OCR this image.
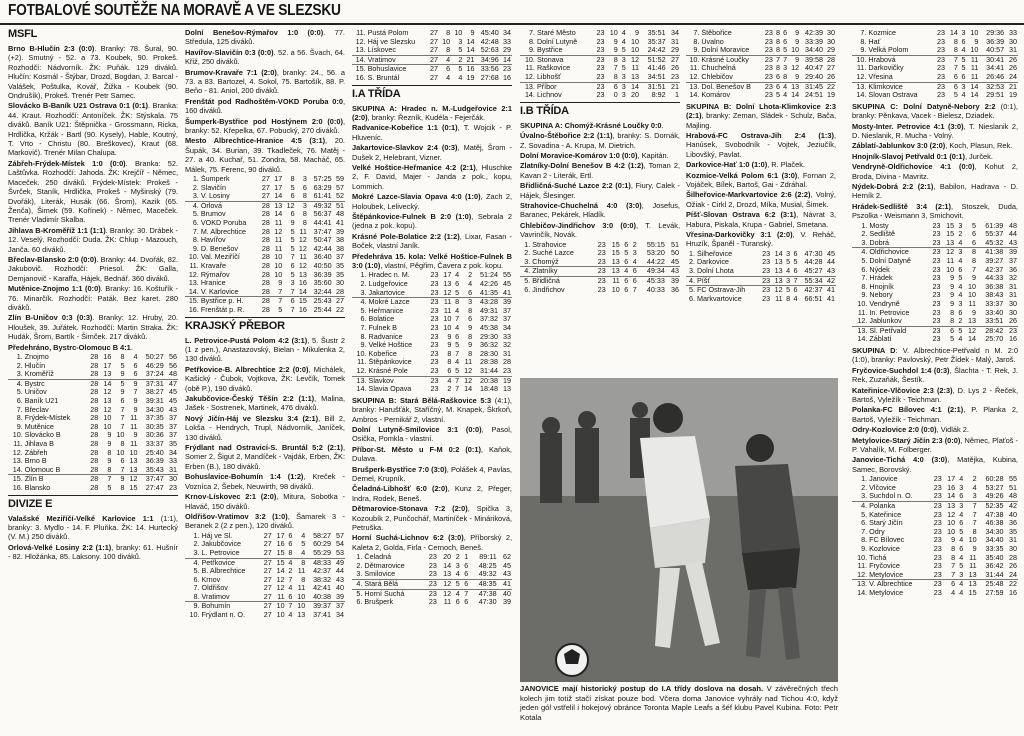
FOTBALOVÉ SOUTĚŽE NA MORAVĚ A VE SLEZSKU
MSFL

Brno B-Hlučín 2:3 (0:0). Branky: 78. Šural, 90.(+2). Smutný - 52. a 73. Koubek, 90. Prokeš. Rozhodčí: Nádvorník. ŽK: Puňák. 129 diváků. Hlučín: Kosmál - Štýbar, Drozd, Bogdan, J. Barcal - Valášek, Poštulka, Kovář, Žižka - Koubek (90. Ondrušík), Prokeš. Trenér Petr Samec.

Slovácko B-Baník U21 Ostrava 0:1 (0:1). Branka: 44. Kraut. Rozhodčí: Antoníček. ŽK: Stýskala. 75 diváků. Baník U21: Štěpnička - Grossmann, Ricka, Hrdlička, Kržák - Bartl (90. Kysely), Hable, Koutný, T. Vrto - Christu (80. Breškovec), Kraut (68. Markovič). Trenér Milan Chalupa.

Zábřeh-Frýdek-Místek 1:0 (0:0). Branka: 52. Laštůvka. Rozhodčí: Jahoda. ŽK: Krejčíř - Němec, Maceček. 250 diváků. Frýdek-Místek: Prokeš - Švrček, Staník, Hrdlička, Prokeš - Myšinský (79. Dvořák), Literák, Husák (66. Šrom), Kazik (65. Ženča), Šimek (59. Kořínek) - Němec, Maceček. Trenér Vladimír Skalba.

Jihlava B-Kroměříž 1:1 (1:1). Branky: 30. Drábek - 12. Veselý. Rozhodčí: Duda. ŽK: Chlup - Mazouch, Janča. 60 diváků.

Břeclav-Blansko 2:0 (0:0). Branky: 44. Dvořák, 82. Jakubovič. Rozhodčí: Priesol. ŽK: Galla, Demjanovič - Karaffa, Hájek, Bednář. 360 diváků.

Mutěnice-Znojmo 1:1 (0:0). Branky: 16. Koštuřík - 76. Minarčík. Rozhodčí: Paták. Bez karet. 280 diváků.

Zlín B-Uničov 0:3 (0:3). Branky: 12. Hruby, 20. Hloušek, 39. Juřátek. Rozhodčí: Martin Straka. ŽK: Hudák, Šrom, Bartík - Šimček. 217 diváků.

Předehráno, Bystrc-Olomouc B 4:1.

1.	Znojmo	28	16	8	4	50:27	56
2.	Hlučín	28	17	5	6	46:29	56
3.	Kroměříž	28	13	9	6	37:24	48
4.	Bystrc	28	14	5	9	37:31	47
5.	Uničov	28	12	9	7	38:27	45
6.	Baník U21	28	13	6	9	39:31	45
7.	Břeclav	28	12	7	9	34:30	43
8.	Frýdek-Místek	28	10	7	11	37:35	37
9.	Mutěnice	28	10	7	11	30:35	37
10.	Slovácko B	28	9	10	9	30:36	37
11.	Jihlava B	28	9	8	11	33:37	35
12.	Zábřeh	28	8	10	10	25:40	34
13.	Brno B	28	9	6	13	36:39	33
14.	Olomouc B	28	8	7	13	35:43	31
15.	Zlín B	28	7	9	12	37:47	30
16.	Blansko	28	5	8	15	27:47	23
DIVIZE E

Valašské Meziříčí-Velké Karlovice 1:1 (1:1), branky: 3. Mydlo - 14. F. Pluňka. ŽK: 14. Hurtecký (V. M.) 250 diváků.

Orlová-Velké Losiny 2:2 (1:1), branky: 61. Hušnír - 82. Hložánka, 85. Laksony. 100 diváků.

Dolní Benešov-Rýmařov 1:0 (0:0). 77. Středula, 125 diváků.

Havířov-Slavičín 0:3 (0:0). 52. a 56. Švach, 64. Křiž, 250 diváků.

Brumov-Kravaře 7:1 (2:0), branky: 24., 56. a 73. a 83. Bartozel, 4. Sokol, 75. Bartošík, 88. P. Beňo - 81. Aniol, 200 diváků.

Frenštát pod Radhoštěm-VOKD Poruba 0:0, 160 diváků.

Šumperk-Bystřice pod Hostýnem 2:0 (0:0), branky: 52. Křepelka, 67. Pobucký, 270 diváků.

Mesto Albrechtice-Hranice 4:5 (3:1), 20. Šupák, 34. Burian, 39. Tkadleček, 76. Matěj - 27. a 40. Kuchař, 51. Zondra, 58. Macháč, 65. Málek, 75. Ferenc, 90 diváků.

1.	Šumperk	27	17	8	3	57:25	59
2.	Slavičín	27	17	5	6	63:29	57
3.	V. Losiny	27	14	6	8	61:41	52
4.	Orlová	28	13	12	3	49:32	51
5.	Brumov	28	14	6	8	56:37	48
6.	VOKD Poruba	28	11	9	8	44:41	41
7.	M. Albrechtice	28	12	5	11	37:47	39
8.	Havířov	28	11	5	12	50:47	38
9.	D. Benešov	28	11	5	12	42:44	38
10.	Val. Meziříčí	28	10	7	11	36:40	37
11.	Kravaře	28	10	6	12	40:50	35
12.	Rýmařov	28	10	5	13	36:39	35
13.	Hranice	28	9	3	16	35:60	30
14.	V. Karlovice	28	7	7	14	32:44	28
15.	Bystřice p. H.	28	7	6	15	25:43	27
16.	Frenštát p. R.	28	5	7	16	25:44	22
KRAJSKÝ PŘEBOR

L. Petrovice-Pustá Polom 4:2 (3:1), 5. Šustr 2 (1 z pen.), Anastazovský, Bielan - Mikulenka 2, 130 diváků.

Petřkovice-B. Albrechtice 2:2 (0:0), Michálek, Kašický - Čubok, Vojtkova, ŽK: Levčík, Tomek (obě P.), 190 diváků.

Jakubčovice-Český Těšín 2:2 (1:1), Malina, Jašek - Sostrenek, Martinek, 476 diváků.

Nový Jičín-Háj ve Slezsku 3:4 (2:1), Bill 2, Lokša - Hendrych, Trupl, Nádvorník, Janíček, 130 diváků.

Frýdlant nad Ostravicí-S. Bruntál 5:2 (2:1), Somer 2, Šigut 2, Mandíček - Vajdák, Erben, ŽK: Erben (B.), 180 diváků.

Bohuslavice-Bohumín 1:4 (1:2), Kreček - Vozníca 2, Šebek, Neuwirth, 98 diváků.

Krnov-Lískovec 2:1 (2:0), Mitura, Sobotka - Hlaváč, 150 diváků.

Oldřišov-Vratimov 3:2 (1:0), Šamarek 3 - Beranek 2 (2 z pen.), 120 diváků.

1.	Háj ve Sl.	27	17	6	4	58:27	57
2.	Jakubčovice	27	16	6	5	60:29	54
3.	L. Petrovice	27	15	8	4	55:29	53
4.	Petřkovice	27	15	4	8	48:33	49
5.	B. Albrechtice	27	14	2	11	42:37	44
6.	Krnov	27	12	7	8	38:32	43
7.	Oldřišov	27	12	4	11	42:41	40
8.	Vratimov	27	11	6	10	40:38	39
9.	Bohumín	27	10	7	10	39:37	37
10.	Frýdlant n. O.	27	10	4	13	37:41	34
11.	Pustá Polom	27	8	10	9	45:40	34
12.	Háj ve Slezsku	27	10	3	14	42:48	33
13.	Lískovec	27	8	5	14	52:63	29
14.	Vratimov	27	4	2	21	34:96	14
15.	Bohuslavice	27	6	5	16	33:56	23
16.	S. Bruntál	27	4	4	19	27:68	16
I.A TŘÍDA

SKUPINA A: Hradec n. M.-Ludgeřovice 2:1 (2:0), branky: Řezník, Kudéla - Fejerčák.

Radvanice-Kobeřice 1:1 (0:1), T. Wojcik - P. Hluveníc.

Jakartovice-Slavkov 2:4 (0:3), Matěj, Šrom - Dušek 2, Helebrant, Vizner.

Velké Hoštice-Heřmanice 4:2 (2:1), Hluschke 2, F. David, Majer - Janda z pok., kopu, Lommich.

Mokré Lazce-Slavia Opava 4:0 (1:0), Zach 2, Holoubek, Lelivecký.

Štěpánkovice-Fulnek B 2:0 (1:0), Sebrala 2 (jedna z pok. kopu).

Krásné Pole-Bolatice 2:2 (1:2), Lixar, Fasan - Boček, vlastní Janík.

Předehráva 15. kola: Velké Hoštice-Fulnek B 3:0 (1:0), vlastní, Pěgřim, Čavera z pok. kopu.

1.	Hradec n. M.	23	17	4	2	51:24	55
2.	Ludgeřovice	23	13	6	4	42:26	45
3.	Jakartovice	23	12	5	6	41:35	41
4.	Mokré Lazce	23	11	8	3	43:28	39
5.	Heřmanice	23	11	4	8	49:31	37
6.	Bolatice	23	10	7	6	37:32	37
7.	Fulnek B	23	10	4	9	45:38	34
8.	Radvanice	23	9	6	8	29:30	33
9.	Velké Hoštice	23	9	5	9	36:32	32
10.	Kobeřice	23	8	7	8	28:30	31
11.	Štěpánkovice	23	8	4	11	28:38	28
12.	Krásné Pole	23	6	5	12	31:44	23
13.	Slavkov	23	4	7	12	20:38	19
14.	Slavia Opava	23	2	7	14	18:48	13

SKUPINA B: Stará Bělá-Raškovice 5:3 (4:1), branky: Harušťák, Staříčný, M. Knapek, Škrkoň, Ambros - Pernikář 2, vlastní.

Dolní Lutyně-Smilovice 3:1 (0:0), Pasol, Osička, Pomkla - vlastní.

Příbor-St. Město u F-M 0:2 (0:1), Kaňok, Dulava.

Brušperk-Bystřice 7:0 (3:0), Polášek 4, Pavlas, Dernel, Krupník.

Čeladná-Libhošť 6:0 (2:0), Kunz 2, Přeger, Indra, Rodek, Beneš.

Dětmarovice-Stonava 7:2 (2:0), Spička 3, Kozoubík 2, Punčochář, Martiníček - Mináriková, Petruška.

Horní Suchá-Lichnov 6:2 (3:0), Příborský 2, Kaleta 2, Golda, Firla - Cernoch, Beneš.

1.	Čeladná	23	20	2	1	89:11	62
2.	Dětmarovice	23	14	3	6	48:25	45
3.	Smilovice	23	13	4	6	49:32	43
4.	Stará Bělá	23	12	5	6	48:35	41
5.	Horní Suchá	23	12	4	7	47:38	40
6.	Brušperk	23	11	6	6	47:30	39
7.	Staré Město	23	10	4	9	35:51	34
8.	Dolní Lutyně	23	9	4	10	35:37	31
9.	Bystřice	23	9	5	10	24:42	29
10.	Stonava	23	8	3	12	51:52	27
11.	Raškovice	23	7	5	11	41:46	26
12.	Libhošť	23	8	3	13	34:51	23
13.	Příbor	23	6	3	14	31:51	21
14.	Lichnov	23	0	3	20	8:92	1
I.B TŘÍDA

SKUPINA A: Chomýž-Krásné Loučky 0:0.

Úvalno-Štěbořice 2:2 (1:1), branky: S. Dornák, Z. Sovadina - A. Krupa, M. Dietrich.

Dolní Moravice-Komárov 1:0 (0:0), Kapitán.

Zlatníky-Dolní Benešov B 4:2 (1:2), Toman 2, Kavan 2 - Literák, Ertl.

Břidličná-Suché Lazce 2:2 (0:1), Fiury, Calek - Hájek, Šlesinger.

Strahovice-Chuchelná 4:0 (3:0), Josefus, Baranec, Pekárek, Hladík.

Chlebičov-Jindřichov 3:0 (0:0), T. Levák, Vavrinčík, Novák.

1.	Strahovice	23	15	6	2	55:15	51
2.	Suché Lazce	23	15	5	3	53:20	50
3.	Chomýž	23	13	6	4	44:22	45
4.	Zlatníky	23	13	4	6	49:34	43
5.	Břidličná	23	11	6	6	45:33	39
6.	Jindřichov	23	10	6	7	40:33	36
7.	Štěbořice	23	8	6	9	42:39	30
8.	Úvalno	23	8	6	9	33:39	30
9.	Dolní Moravice	23	8	5	10	34:40	29
10.	Krásné Loučky	23	7	7	9	39:58	28
11.	Chuchelná	23	8	3	12	40:47	27
12.	Chlebičov	23	6	8	9	29:40	26
13.	Dol. Benešov B	23	6	4	13	31:45	22
14.	Komárov	23	5	4	14	24:51	19

SKUPINA B: Dolní Lhota-Klimkovice 2:3 (2:1), branky: Zeman, Sládek - Schulz, Bača, Majling.

Hrabová-FC Ostrava-Jih 2:4 (1:3), Hanúsek, Svobodník - Vojtek, Jeziučík, Libovšký, Pavlat.

Darkovice-Hať 1:0 (1:0), R. Plaček.

Kozmice-Velká Polom 6:1 (3:0), Fornan 2, Vojáček, Bílek, Bartoš, Gai - Zdráhal.

Šilheřovice-Markvartovice 2:6 (2:2), Volný, Ožiak - Cirkl 2, Drozd, Míka, Musial, Šimek.

Píšť-Slovan Ostrava 6:2 (3:1), Návrat 3, Habura, Piskala, Krupa - Gabriel, Smetana.

Vřesina-Darkovičky 3:1 (2:0), V. Reháč, Hruzík, Španěl - Turanský.

1.	Šilheřovice	23	14	3	6	47:30	45
2.	Darkovice	23	13	5	5	44:28	44
3.	Dolní Lhota	23	13	4	6	45:27	43
4.	Píšť	23	13	3	7	55:34	42
5.	FC Ostrava-Jih	23	12	5	6	42:37	41
6.	Markvartovice	23	11	8	4	66:51	41
7.	Kozmice	23	14	3	10	29:36	33
8.	Hať	23	8	6	9	36:39	30
9.	Velká Polom	23	8	4	10	40:57	31
10.	Hrabová	23	7	5	11	30:41	26
11.	Darkovičky	23	7	5	11	34:41	26
12.	Vřesina	23	6	6	11	26:46	24
13.	Klimkovice	23	6	3	14	32:53	21
14.	Slovan Ostrava	23	5	4	14	29:51	19

SKUPINA C: Dolní Datyně-Nebory 2:2 (0:1), branky: Pěnkava, Vacek - Bielesz, Dziadek.

Mosty-Inter. Petrovice 4:1 (3:0), T. Nieslanik 2, D. Nieslanik, R. Mucha - Volný.

Záblatí-Jablunkov 3:0 (2:0), Koch, Plasun, Rek.

Hnojník-Slavoj Petřvald 0:1 (0:1), Jurček.

Vendryně-Oldřichovice 4:1 (0:0), Kohut 2, Broda, Divina - Mavritz.

Nýdek-Dobrá 2:2 (2:1), Babilon, Hadrava - D. Herník 2.

Hrádek-Sedliště 3:4 (2:1), Stoszek, Duda, Pszolka - Weismann 3, Smichovit.

1.	Mosty	23	15	3	5	61:39	48
2.	Sedliště	23	15	2	6	55:37	44
3.	Dobrá	23	13	4	6	45:32	43
4.	Oldřichovice	23	12	3	8	41:38	39
5.	Dolní Datyně	23	11	4	8	39:27	37
6.	Nýdek	23	10	6	7	42:37	36
7.	Hrádek	23	9	5	9	44:33	32
8.	Hnojník	23	9	4	10	36:38	31
9.	Nebory	23	9	4	10	38:43	31
10.	Vendryně	23	9	3	11	33:37	30
11.	In. Petrovice	23	8	6	9	33:40	30
12.	Jablunkov	23	8	2	13	33:51	26
13.	Sl. Petřvald	23	6	5	12	28:42	23
14.	Záblatí	23	5	4	14	25:70	16

SKUPINA D: V. Albrechtice-Petřvald n M. 2:0 (1:0), branky: Pavlovský, Petr Žídek - Malý, Jaroš.

Fryčovice-Suchdol 1:4 (0:3), Šlachta - T. Rek, J. Rek, Zuzaňák, Šestík.

Kateřinice-Vlčovice 2:3 (2:3), D. Lys 2 - Řeček, Bartoš, Vyležík - Teichman.

Polanka-FC Bílovec 4:1 (2:1), P. Planka 2, Bartoš, Vyležík - Teichman.

Odry-Kozlovice 2:0 (0:0), Vidlák 2.

Metylovice-Starý Jičín 2:3 (0:0), Němec, Plaťoš - P. Vahalík, M. Folberger.

Janovice-Tichá 4:0 (3:0), Matějka, Kubina, Samec, Borovský.

1.	Janovice	23	17	4	2	60:28	55
2.	Vlčovice	23	16	3	4	53:27	51
3.	Suchdol n. O.	23	14	6	3	49:26	48
4.	Polanka	23	13	3	7	52:35	42
5.	Kateřinice	23	12	4	7	47:38	40
6.	Starý Jičín	23	10	6	7	46:38	36
7.	Odry	23	10	5	8	34:30	35
8.	FC Bílovec	23	9	4	10	34:40	31
9.	Kozlovice	23	8	6	9	33:35	30
10.	Tichá	23	8	4	11	35:40	28
11.	Fryčovice	23	7	5	11	36:42	26
12.	Metylovice	23	7	3	13	31:44	24
13.	V. Albrechtice	23	6	4	13	25:48	22
14.	Metylovice	23	4	4	15	27:59	16
JANOVICE mají historický postup do I.A třídy doslova na dosah. V závěrečných třech kolech jim totiž stačí získat pouze bod. Včera doma Janovice vyhrály nad Tichou 4:0, když jeden gól vstřelil i hokejový obránce Toronta Maple Leafs a šéf klubu Pavel Kubina. Foto: Petr Kotala
